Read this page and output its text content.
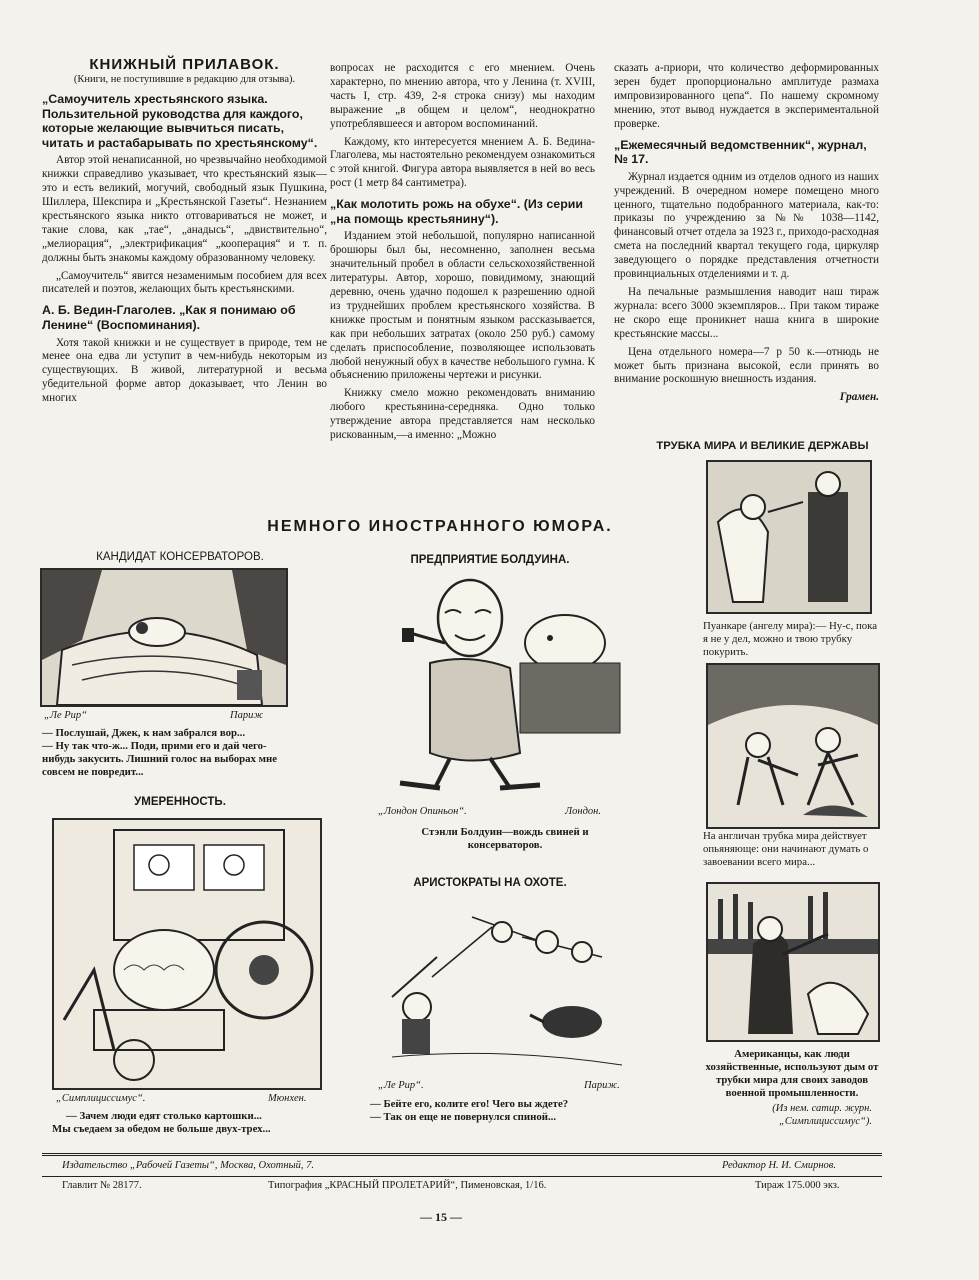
КНИЖНЫЙ ПРИЛАВОК.
(Книги, не поступившие в редакцию для отзыва).
„Самоучитель хрестьянского языка. Пользительной руководства для каждого, которые желающие вывчиться писать, читать и растабарывать по хрестьянскому“.

Автор этой ненаписанной, но чрезвычайно необходимой книжки справедливо указывает, что крестьянский язык—это и есть великий, могучий, свободный язык Пушкина, Шиллера, Шекспира и „Крестьянской Газеты“. Незнанием крестьянского языка никто отговариваться не может, и такие слова, как „тае“, „анадысь“, „двиствительно“, „мелиорация“, „электрификация“ „кооперация“ и т. п. должны быть знакомы каждому образованному человеку.

„Самоучитель“ явится незаменимым пособием для всех писателей и поэтов, желающих быть крестьянскими.

А. Б. Ведин-Глаголев. „Как я понимаю об Ленине“ (Воспоминания).

Хотя такой книжки и не существует в природе, тем не менее она едва ли уступит в чем-нибудь некоторым из существующих. В живой, литературной и весьма убедительной форме автор доказывает, что Ленин во многих

вопросах не расходится с его мнением. Очень характерно, по мнению автора, что у Ленина (т. XVIII, часть I, стр. 439, 2-я строка снизу) мы находим выражение „в общем и целом“, неоднократно употреблявшееся и автором воспоминаний.

Каждому, кто интересуется мнением А. Б. Ведина-Глаголева, мы настоятельно рекомендуем ознакомиться с этой книгой. Фигура автора выявляется в ней во весь рост (1 метр 84 сантиметра).

„Как молотить рожь на обухе“. (Из серии „на помощь крестьянину“).

Изданием этой небольшой, популярно написанной брошюры был бы, несомненно, заполнен весьма значительный пробел в области сельскохозяйственной литературы. Автор, хорошо, повидимому, знающий деревню, очень удачно подошел к разрешению одной из труднейших проблем крестьянского хозяйства. В книжке простым и понятным языком рассказывается, как при небольших затратах (около 250 руб.) самому сделать приспособление, позволяющее использовать любой ненужный обух в качестве небольшого гумна. К объяснению приложены чертежи и рисунки.

Книжку смело можно рекомендовать вниманию любого крестьянина-середняка. Одно только утверждение автора представляется нам несколько рискованным,—а именно: „Можно

сказать а-приори, что количество деформированных зерен будет пропорционально амплитуде размаха импровизированного цепа“. По нашему скромному мнению, этот вывод нуждается в экспериментальной проверке.

„Ежемесячный ведомственник“, журнал, № 17.

Журнал издается одним из отделов одного из наших учреждений. В очередном номере помещено много ценного, тщательно подобранного материала, как-то: приказы по учреждению за №№ 1038—1142, финансовый отчет отдела за 1923 г., приходо-расходная смета на последний квартал текущего года, циркуляр заведующего о порядке представления отчетности провинциальных отделениями и т. д.

На печальные размышления наводит наш тираж журнала: всего 3000 экземпляров... При таком тираже не скоро еще проникнет наша книга в широкие крестьянские массы...

Цена отдельного номера—7 р 50 к.—отнюдь не может быть признана высокой, если принять во внимание роскошную внешность издания.

Грамен.
НЕМНОГО ИНОСТРАННОГО ЮМОРА.
КАНДИДАТ КОНСЕРВАТОРОВ.
„Ле Рир“	Париж
— Послушай, Джек, к нам забрался вор...
— Ну так что-ж... Поди, прими его и дай чего-нибудь закусить. Лишний голос на выборах мне совсем не повредит...
УМЕРЕННОСТЬ.
„Симплициссимус“.	Мюнхен.
— Зачем люди едят столько картошки...
Мы съедаем за обедом не больше двух-трех...
ПРЕДПРИЯТИЕ БОЛДУИНА.
„Лондон Опиньон“.	Лондон.
Стэнли Болдуин—вождь свиней и консерваторов.
АРИСТОКРАТЫ НА ОХОТЕ.
„Ле Рир“.	Париж.
— Бейте его, колите его! Чего вы ждете?
— Так он еще не повернулся спиной...
ТРУБКА МИРА И ВЕЛИКИЕ ДЕРЖАВЫ
Пуанкаре (ангелу мира):— Ну-с, пока я не у дел, можно и твою трубку покурить.
На англичан трубка мира действует опьяняюще: они начинают думать о завоевании всего мира...
Американцы, как люди хозяйственные, используют дым от трубки мира для своих заводов военной промышленности.
(Из нем. сатир. журн. „Симплициссимус“).
Издательство „Рабочей Газеты“, Москва, Охотный, 7.	Редактор Н. И. Смирнов.
Главлит № 28177.	Типография „КРАСНЫЙ ПРОЛЕТАРИЙ“, Пименовская, 1/16.	Тираж 175.000 экз.
— 15 —
